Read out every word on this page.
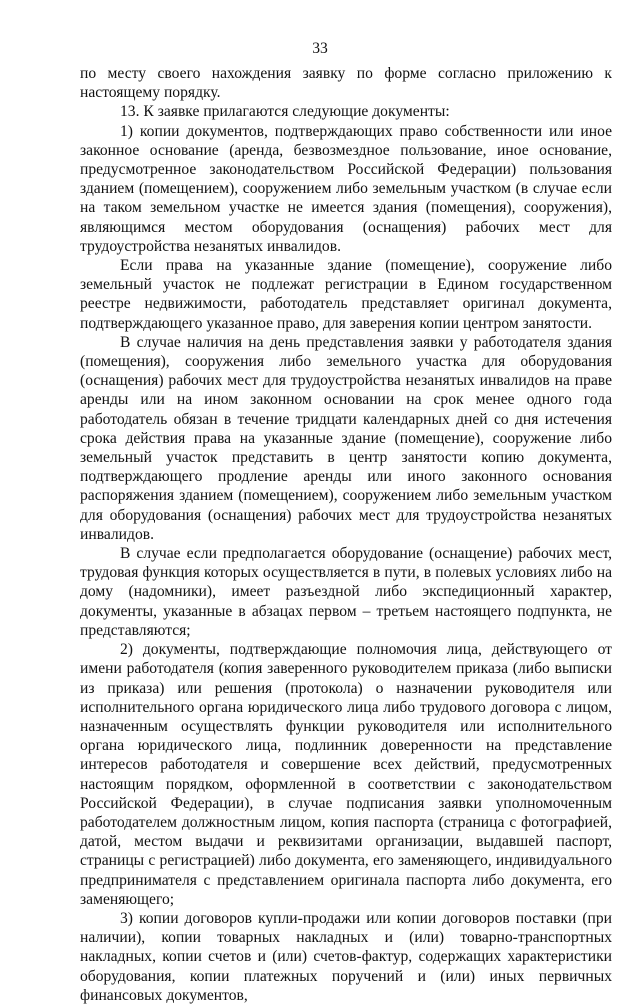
33

по месту своего нахождения заявку по форме согласно приложению к настоящему порядку.

13. К заявке прилагаются следующие документы:

1) копии документов, подтверждающих право собственности или иное законное основание (аренда, безвозмездное пользование, иное основание, предусмотренное законодательством Российской Федерации) пользования зданием (помещением), сооружением либо земельным участком (в случае если на таком земельном участке не имеется здания (помещения), сооружения), являющимся местом оборудования (оснащения) рабочих мест для трудоустройства незанятых инвалидов.

Если права на указанные здание (помещение), сооружение либо земельный участок не подлежат регистрации в Едином государственном реестре недвижимости, работодатель представляет оригинал документа, подтверждающего указанное право, для заверения копии центром занятости.

В случае наличия на день представления заявки у работодателя здания (помещения), сооружения либо земельного участка для оборудования (оснащения) рабочих мест для трудоустройства незанятых инвалидов на праве аренды или на ином законном основании на срок менее одного года работодатель обязан в течение тридцати календарных дней со дня истечения срока действия права на указанные здание (помещение), сооружение либо земельный участок представить в центр занятости копию документа, подтверждающего продление аренды или иного законного основания распоряжения зданием (помещением), сооружением либо земельным участком для оборудования (оснащения) рабочих мест для трудоустройства незанятых инвалидов.

В случае если предполагается оборудование (оснащение) рабочих мест, трудовая функция которых осуществляется в пути, в полевых условиях либо на дому (надомники), имеет разъездной либо экспедиционный характер, документы, указанные в абзацах первом – третьем настоящего подпункта, не представляются;

2) документы, подтверждающие полномочия лица, действующего от имени работодателя (копия заверенного руководителем приказа (либо выписки из приказа) или решения (протокола) о назначении руководителя или исполнительного органа юридического лица либо трудового договора с лицом, назначенным осуществлять функции руководителя или исполнительного органа юридического лица, подлинник доверенности на представление интересов работодателя и совершение всех действий, предусмотренных настоящим порядком, оформленной в соответствии с законодательством Российской Федерации), в случае подписания заявки уполномоченным работодателем должностным лицом, копия паспорта (страница с фотографией, датой, местом выдачи и реквизитами организации, выдавшей паспорт, страницы с регистрацией) либо документа, его заменяющего, индивидуального предпринимателя с представлением оригинала паспорта либо документа, его заменяющего;

3) копии договоров купли-продажи или копии договоров поставки (при наличии), копии товарных накладных и (или) товарно-транспортных накладных, копии счетов и (или) счетов-фактур, содержащих характеристики оборудования, копии платежных поручений и (или) иных первичных финансовых документов,
